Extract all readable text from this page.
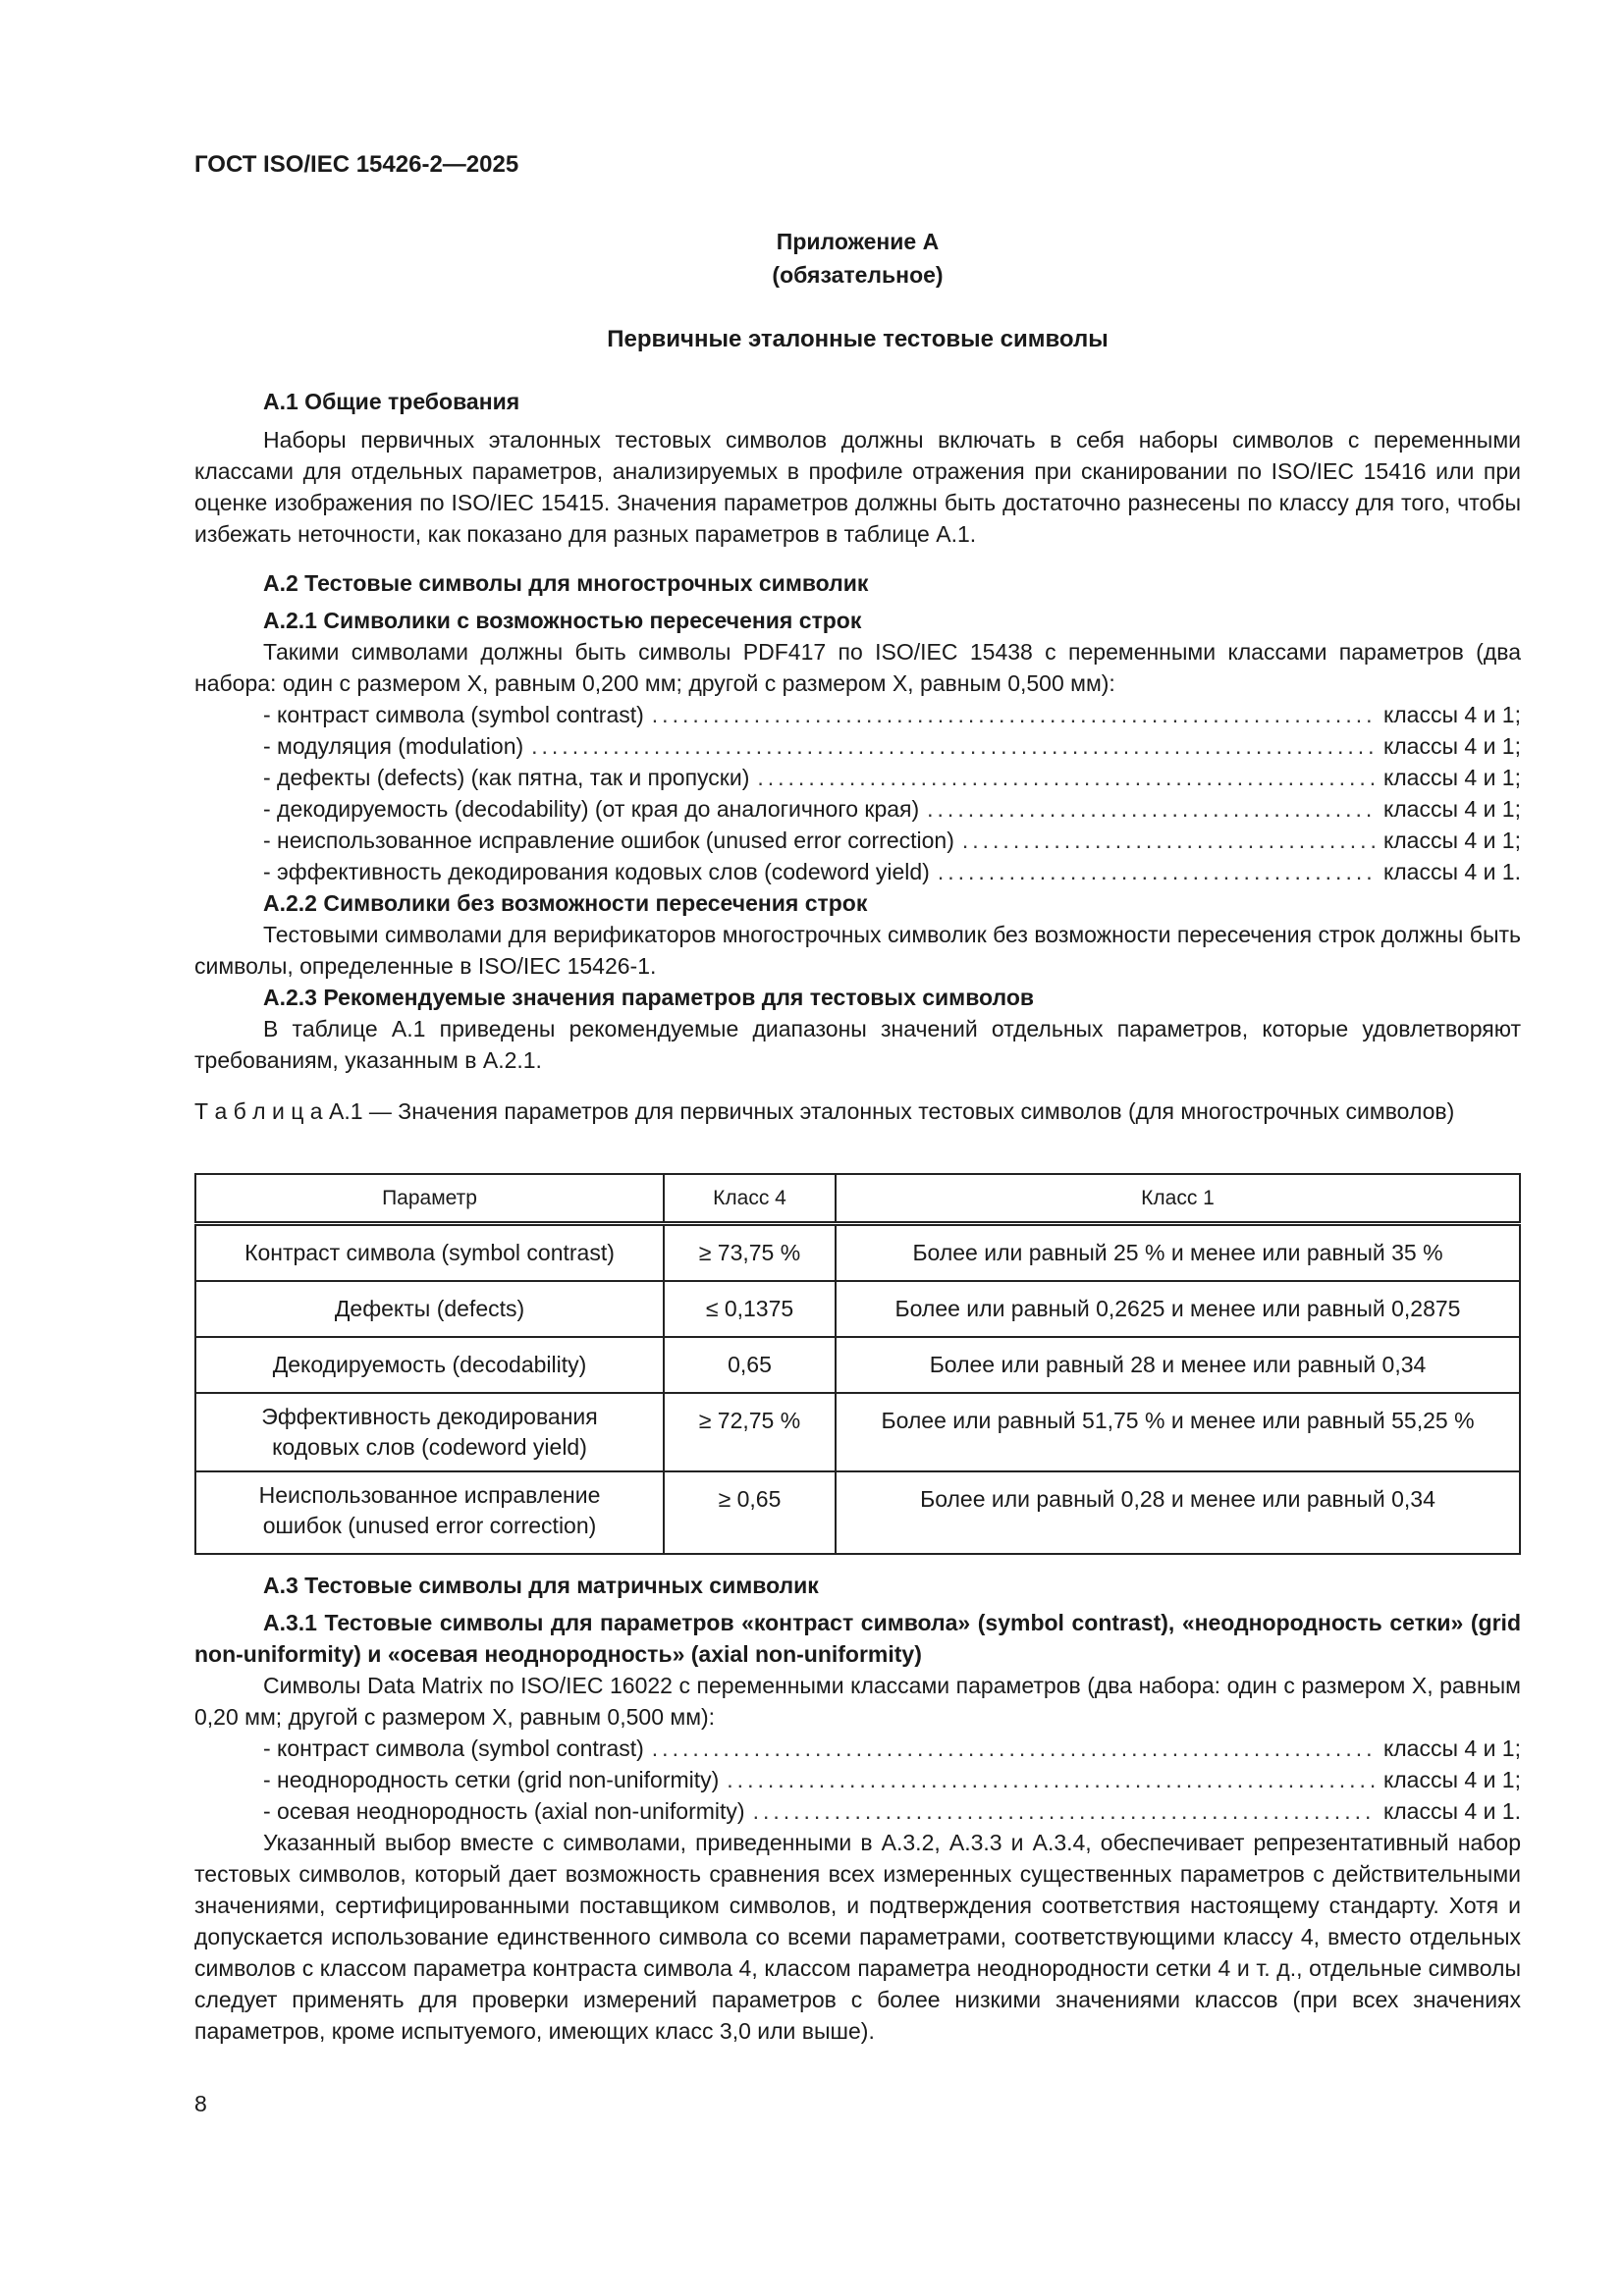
ГОСТ ISO/IEC 15426-2—2025
Приложение А
(обязательное)
Первичные эталонные тестовые символы
А.1 Общие требования
Наборы первичных эталонных тестовых символов должны включать в себя наборы символов с переменными классами для отдельных параметров, анализируемых в профиле отражения при сканировании по ISO/IEC 15416 или при оценке изображения по ISO/IEC 15415. Значения параметров должны быть достаточно разнесены по классу для того, чтобы избежать неточности, как показано для разных параметров в таблице А.1.
А.2 Тестовые символы для многострочных символик
А.2.1 Символики с возможностью пересечения строк
Такими символами должны быть символы PDF417 по ISO/IEC 15438 с переменными классами параметров (два набора: один с размером X, равным 0,200 мм; другой с размером X, равным 0,500 мм):
- контраст символа (symbol contrast) .....	классы 4 и 1;
- модуляция (modulation) .....	классы 4 и 1;
- дефекты (defects) (как пятна, так и пропуски) .....	классы 4 и 1;
- декодируемость (decodability) (от края до аналогичного края) .....	классы 4 и 1;
- неиспользованное исправление ошибок (unused error correction) .....	классы 4 и 1;
- эффективность декодирования кодовых слов (codeword yield) .....	классы 4 и 1.
А.2.2 Символики без возможности пересечения строк
Тестовыми символами для верификаторов многострочных символик без возможности пересечения строк должны быть символы, определенные в ISO/IEC 15426-1.
А.2.3 Рекомендуемые значения параметров для тестовых символов
В таблице А.1 приведены рекомендуемые диапазоны значений отдельных параметров, которые удовлетворяют требованиям, указанным в А.2.1.
Т а б л и ц а А.1 — Значения параметров для первичных эталонных тестовых символов (для многострочных символов)
Параметр	Класс 4	Класс 1
Контраст символа (symbol contrast)	≥ 73,75 %	Более или равный 25 % и менее или равный 35 %
Дефекты (defects)	≤ 0,1375	Более или равный 0,2625 и менее или равный 0,2875
Декодируемость (decodability)	0,65	Более или равный 28 и менее или равный 0,34
Эффективность декодирования кодовых слов (codeword yield)	≥ 72,75 %	Более или равный 51,75 % и менее или равный 55,25 %
Неиспользованное исправление ошибок (unused error correction)	≥ 0,65	Более или равный 0,28 и менее или равный 0,34
А.3 Тестовые символы для матричных символик
А.3.1 Тестовые символы для параметров «контраст символа» (symbol contrast), «неоднородность сетки» (grid non-uniformity) и «осевая неоднородность» (axial non-uniformity)
Символы Data Matrix по ISO/IEC 16022 с переменными классами параметров (два набора: один с размером X, равным 0,20 мм; другой с размером X, равным 0,500 мм):
- контраст символа (symbol contrast) .....	классы 4 и 1;
- неоднородность сетки (grid non-uniformity) .....	классы 4 и 1;
- осевая неоднородность (axial non-uniformity) .....	классы 4 и 1.
Указанный выбор вместе с символами, приведенными в А.3.2, А.3.3 и А.3.4, обеспечивает репрезентативный набор тестовых символов, который дает возможность сравнения всех измеренных существенных параметров с действительными значениями, сертифицированными поставщиком символов, и подтверждения соответствия настоящему стандарту. Хотя и допускается использование единственного символа со всеми параметрами, соответствующими классу 4, вместо отдельных символов с классом параметра контраста символа 4, классом параметра неоднородности сетки 4 и т. д., отдельные символы следует применять для проверки измерений параметров с более низкими значениями классов (при всех значениях параметров, кроме испытуемого, имеющих класс 3,0 или выше).
8
